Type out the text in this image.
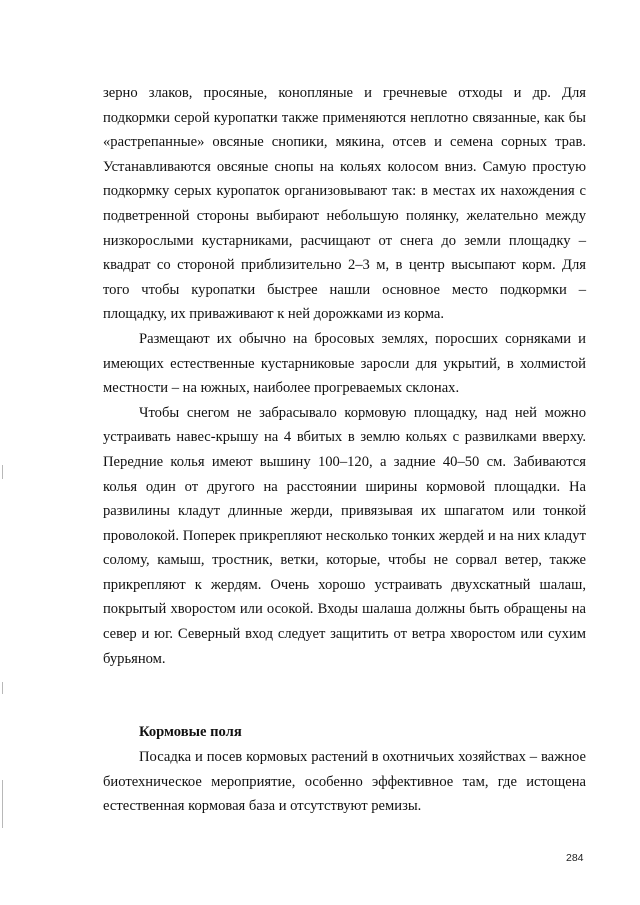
зерно злаков, просяные, конопляные и гречневые отходы и др. Для подкормки серой куропатки также применяются неплотно связанные, как бы «растрепанные» овсяные снопики, мякина, отсев и семена сорных трав. Устанавливаются овсяные снопы на кольях колосом вниз. Самую простую подкормку серых куропаток организовывают так: в местах их нахождения с подветренной стороны выбирают небольшую полянку, желательно между низкорослыми кустарниками, расчищают от снега до земли площадку – квадрат со стороной приблизительно 2–3 м, в центр высыпают корм. Для того чтобы куропатки быстрее нашли основное место подкормки – площадку, их приваживают к ней дорожками из корма.

Размещают их обычно на бросовых землях, поросших сорняками и имеющих естественные кустарниковые заросли для укрытий, в холмистой местности – на южных, наиболее прогреваемых склонах.

Чтобы снегом не забрасывало кормовую площадку, над ней можно устраивать навес-крышу на 4 вбитых в землю кольях с развилками вверху. Передние колья имеют вышину 100–120, а задние 40–50 см. Забиваются колья один от другого на расстоянии ширины кормовой площадки. На развилины кладут длинные жерди, привязывая их шпагатом или тонкой проволокой. Поперек прикрепляют несколько тонких жердей и на них кладут солому, камыш, тростник, ветки, которые, чтобы не сорвал ветер, также прикрепляют к жердям. Очень хорошо устраивать двухскатный шалаш, покрытый хворостом или осокой. Входы шалаша должны быть обращены на север и юг. Северный вход следует защитить от ветра хворостом или сухим бурьяном.

Кормовые поля

Посадка и посев кормовых растений в охотничьих хозяйствах – важное биотехническое мероприятие, особенно эффективное там, где истощена естественная кормовая база и отсутствуют ремизы.

284
